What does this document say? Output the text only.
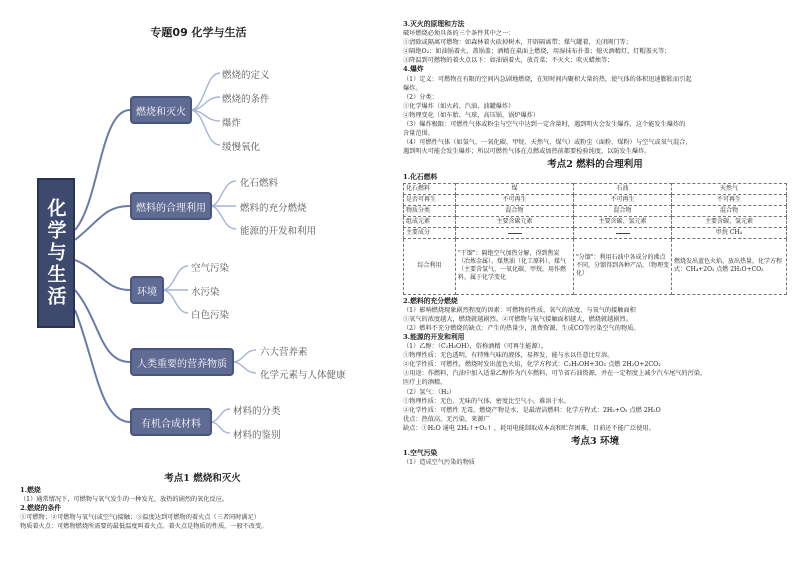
专题09 化学与生活
化学与生活
燃烧和灭火
燃烧的定义
燃烧的条件
爆炸
缓慢氧化
燃料的合理利用
化石燃料
燃料的充分燃烧
能源的开发和利用
环境
空气污染
水污染
白色污染
人类重要的营养物质
六大营养素
化学元素与人体健康
有机合成材料
材料的分类
材料的鉴别
考点1 燃烧和灭火

1.燃烧

（1）通常情况下，可燃物与氧气发生的一种发光、放热的剧烈的氧化反应。

2.燃烧的条件

①可燃物；②可燃物与氧气(或空气)接触；③温度达到可燃物的着火点（三者同时满足）

物质着火点：可燃物燃烧所需要的最低温度叫着火点。着火点是物质的性质，一般不改变。

3.灭火的原理和方法

破坏燃烧必须具备的三个条件其中之一：

①清除或隔离可燃物：如森林着火砍掉树木，开辟隔离带；煤气罐着，关闭阀门等；

②隔绝O₂：如油锅着火，盖锅盖；酒精在桌面上燃烧，用湿抹布扑盖；熄灭酒精灯，灯帽盖灭等；

③降温到可燃物的着火点以下：如油锅着火，放青菜；不灭火；吹灭蜡烛等；

4.爆炸

（1）定义：可燃物在有限的空间内急剧地燃烧，在短时间内聚积大量的热，使气体的体积迅速膨胀而引起

爆炸。

（2）分类：

①化学爆炸（如火药、汽油、油罐爆炸）

②物理变化（如车胎、气球、高压锅、锅炉爆炸）

（3）爆炸极限：可燃性气体或粉尘与空气中达到一定含量时，遇到明火会发生爆炸，这个能发生爆炸的

含量范围。

（4）可燃性气体（如氢气、一氧化碳、甲烷、天然气、煤气）或粉尘（面粉、煤粉）与空气或氧气混合，

遇到明火可能会发生爆炸；所以可燃性气体在点燃或加热前都要检验纯度，以防发生爆炸。

考点2 燃料的合理利用

1.化石燃料

化石燃料	煤	石油	天然气
是否可再生	不可再生	不可再生	不可再生
物质分类	混合物	混合物	混合物
组成元素	主要含碳元素	主要含碳、氢元素	主要含碳、氢元素
主要成分			甲烷 CH₄
综合利用	"干馏"：隔绝空气加热分解，得到焦炭（冶炼金属）、煤焦油（化工原料）、煤气（主要含氢气、一氧化碳、甲烷，用作燃料，属于化学变化	"分馏"：利用石油中各成分的沸点不同，分馏得到各种产品，（物理变化）	燃烧发出蓝色火焰，放出热量，化学方程式：CH₄+2O₂ 点燃 2H₂O+CO₂

2.燃料的充分燃烧

（1）影响燃烧现象剧烈程度的因素：可燃物的性质、氧气的浓度、与氧气的接触面积

①氧气的浓度越大，燃烧就越剧烈。②可燃物与氧气接触面积越大，燃烧就越剧烈。

（2）燃料不充分燃烧的缺点：产生的热量少，浪费资源，生成CO等污染空气的物质。

3.能源的开发和利用

（1）乙醇：（C₂H₅OH），俗称酒精（可再生能源）。

①物理性质：无色透明，有特殊气味的液体，易挥发，能与水以任意比互溶。

②化学性质：可燃性，燃烧时发出蓝色火焰，化学方程式：C₂H₅OH+3O₂ 点燃 2H₂O+2CO₂

③用途：作燃料，汽油中加入适量乙醇作为汽车燃料，可节省石油资源，并在一定程度上减少汽车尾气的污染。

医疗上的酒精。

（2）氢气：（H₂）

①物理性质：无色、无味的气体，密度比空气小，难溶于水。

②化学性质：可燃性 无毒，燃烧产物是水，是最清洁燃料：化学方程式：2H₂+O₂ 点燃 2H₂O

优点：热值高，无污染，来源广

缺点：①H₂O 通电 2H₂↑+O₂↑ ，耗用电能制取成本高和贮存困难，目前还不能广泛使用。

考点3 环境

1.空气污染

（1）造成空气污染的物质
